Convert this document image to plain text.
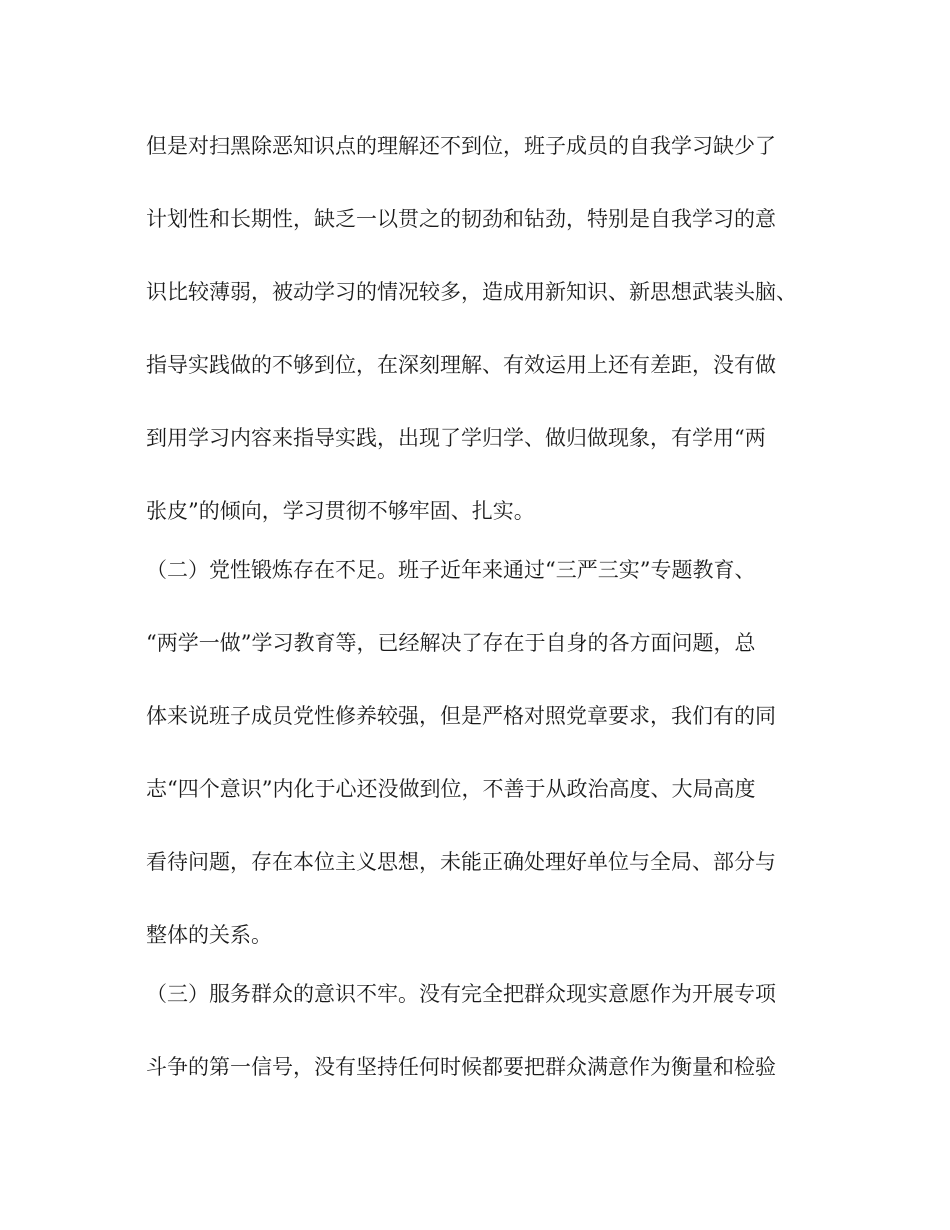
但是对扫黑除恶知识点的理解还不到位，班子成员的自我学习缺少了

计划性和长期性，缺乏一以贯之的韧劲和钻劲，特别是自我学习的意

识比较薄弱，被动学习的情况较多，造成用新知识、新思想武装头脑、

指导实践做的不够到位，在深刻理解、有效运用上还有差距，没有做

到用学习内容来指导实践，出现了学归学、做归做现象，有学用“两

张皮”的倾向，学习贯彻不够牢固、扎实。

（二）党性锻炼存在不足。班子近年来通过“三严三实”专题教育、

“两学一做”学习教育等，已经解决了存在于自身的各方面问题，总

体来说班子成员党性修养较强，但是严格对照党章要求，我们有的同

志“四个意识”内化于心还没做到位，不善于从政治高度、大局高度

看待问题，存在本位主义思想，未能正确处理好单位与全局、部分与

整体的关系。

（三）服务群众的意识不牢。没有完全把群众现实意愿作为开展专项

斗争的第一信号，没有坚持任何时候都要把群众满意作为衡量和检验
